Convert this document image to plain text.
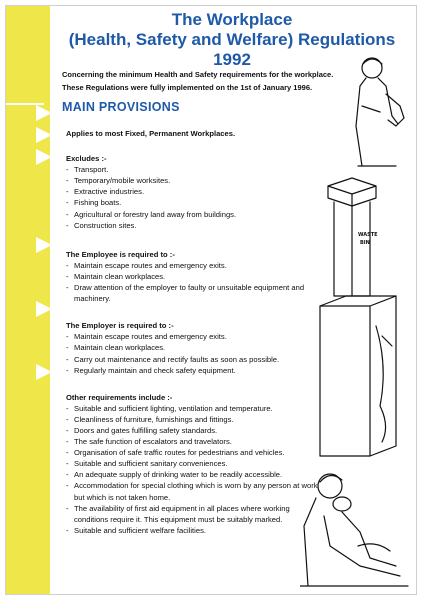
The Workplace
(Health, Safety and Welfare) Regulations 1992
Concerning the minimum Health and Safety requirements for the workplace.
These Regulations were fully implemented on the 1st of January 1996.
MAIN PROVISIONS

Applies to most Fixed, Permanent Workplaces.

Excludes :-

- Transport.
- Temporary/mobile worksites.
- Extractive industries.
- Fishing boats.
- Agricultural or forestry land away from buildings.
- Construction sites.

The Employee is required to :-

- Maintain escape routes and emergency exits.
- Maintain clean workplaces.
- Draw attention of the employer to faulty or unsuitable equipment and machinery.

The Employer is required to :-

- Maintain escape routes and emergency exits.
- Maintain clean workplaces.
- Carry out maintenance and rectify faults as soon as possible.
- Regularly maintain and check safety equipment.

Other requirements include :-

- Suitable and sufficient lighting, ventilation and temperature.
- Cleanliness of furniture, furnishings and fittings.
- Doors and gates fulfilling safety standards.
- The safe function of escalators and travelators.
- Organisation of safe traffic routes for pedestrians and vehicles.
- Suitable and sufficient sanitary conveniences.
- An adequate supply of drinking water to be readily accessible.
- Accommodation for special clothing which is worn by any person at work but which is not taken home.
- The availability of first aid equipment in all places where working conditions require it. This equipment must be suitably marked.
- Suitable and sufficient welfare facilities.
WASTE
BIN
